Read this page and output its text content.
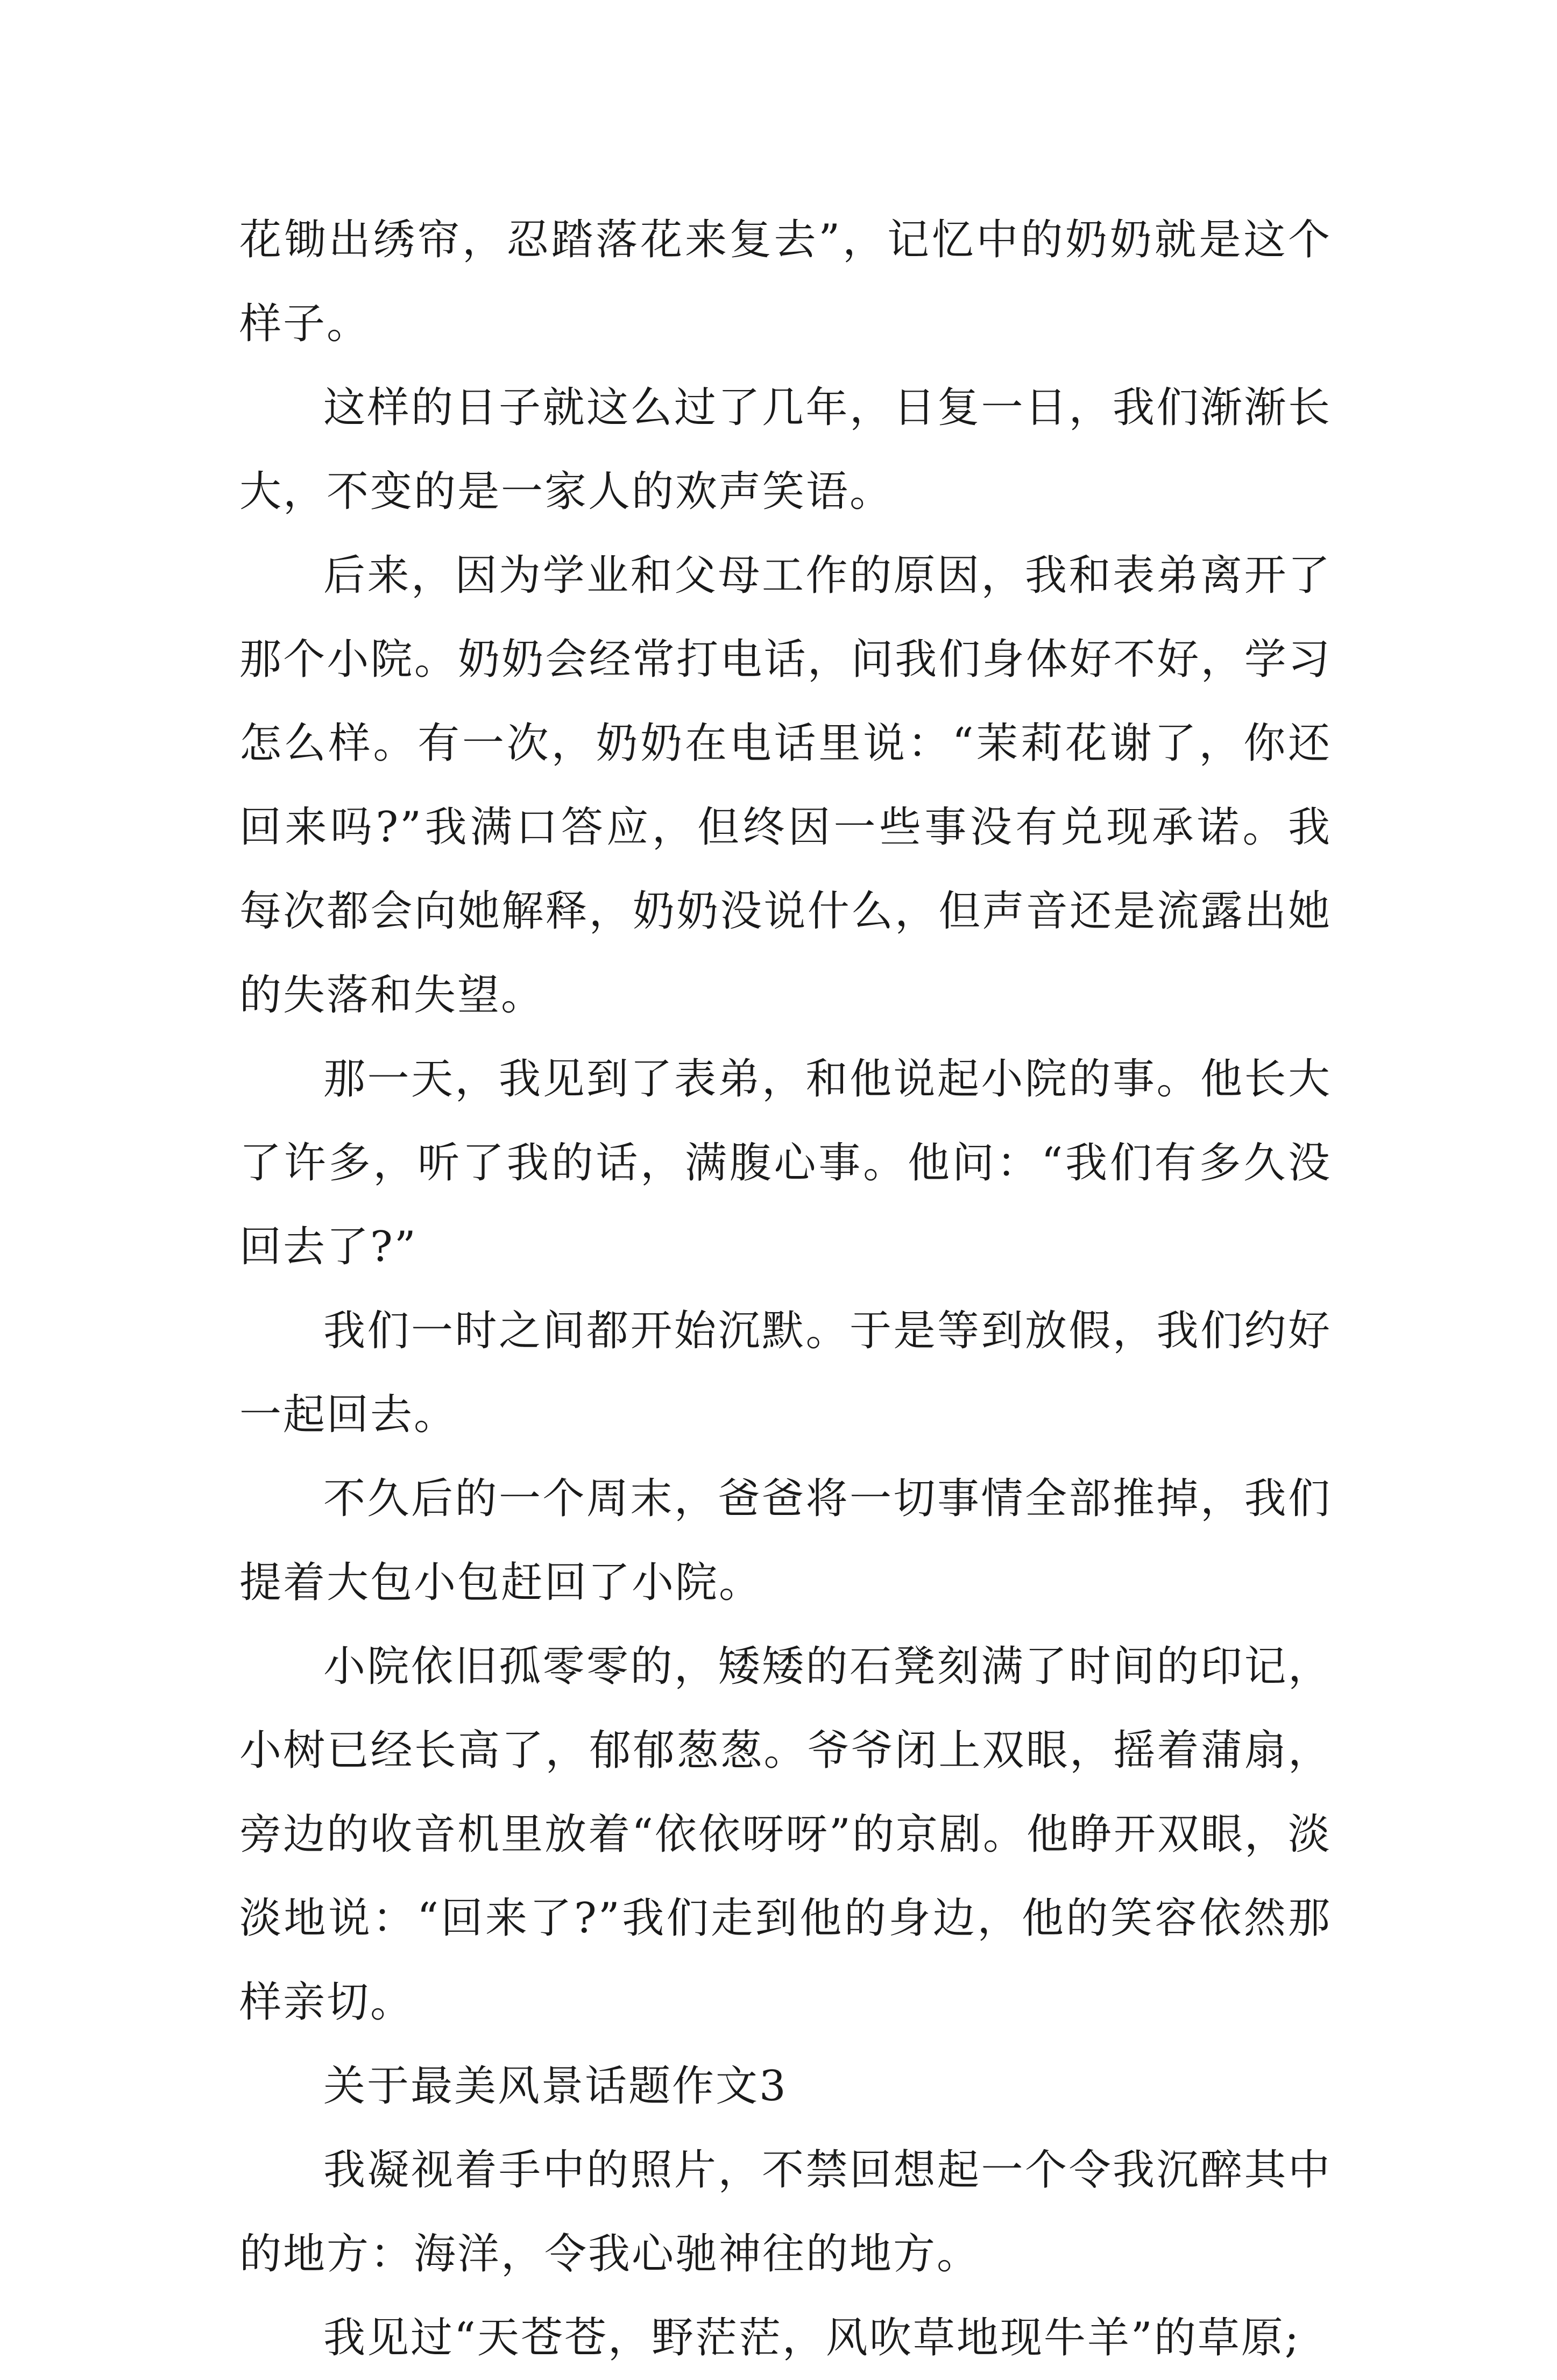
花锄出绣帘，忍踏落花来复去”，记忆中的奶奶就是这个样子。

这样的日子就这么过了几年，日复一日，我们渐渐长大，不变的是一家人的欢声笑语。

后来，因为学业和父母工作的原因，我和表弟离开了那个小院。奶奶会经常打电话，问我们身体好不好，学习怎么样。有一次，奶奶在电话里说：“茉莉花谢了，你还回来吗?”我满口答应，但终因一些事没有兑现承诺。我每次都会向她解释，奶奶没说什么，但声音还是流露出她的失落和失望。

那一天，我见到了表弟，和他说起小院的事。他长大了许多，听了我的话，满腹心事。他问：“我们有多久没回去了?”

我们一时之间都开始沉默。于是等到放假，我们约好一起回去。

不久后的一个周末，爸爸将一切事情全部推掉，我们提着大包小包赶回了小院。

小院依旧孤零零的，矮矮的石凳刻满了时间的印记，小树已经长高了，郁郁葱葱。爷爷闭上双眼，摇着蒲扇，旁边的收音机里放着“依依呀呀”的京剧。他睁开双眼，淡淡地说：“回来了?”我们走到他的身边，他的笑容依然那样亲切。

关于最美风景话题作文3

我凝视着手中的照片，不禁回想起一个令我沉醉其中的地方：海洋，令我心驰神往的地方。

我见过“天苍苍，野茫茫，风吹草地现牛羊”的草原;
